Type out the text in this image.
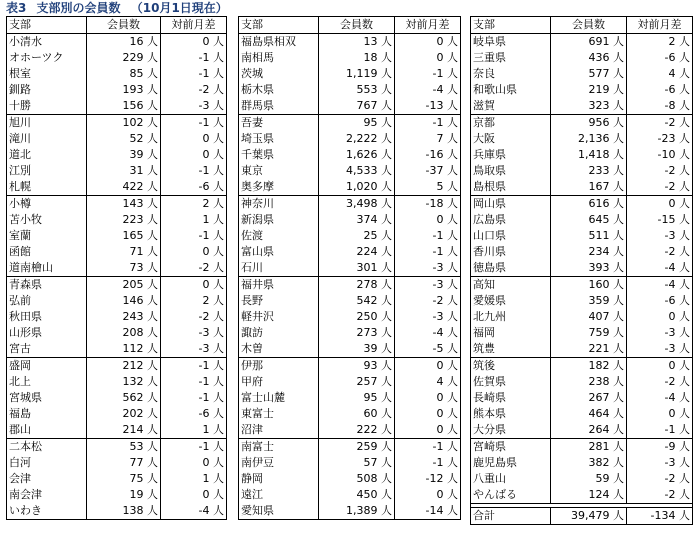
表3 支部別の会員数 （10月1日現在）
支部	会員数	対前月差
小清水	16 人	0 人
オホーツク	229 人	-1 人
根室	85 人	-1 人
釧路	193 人	-2 人
十勝	156 人	-3 人
旭川	102 人	-1 人
滝川	52 人	0 人
道北	39 人	0 人
江別	31 人	-1 人
札幌	422 人	-6 人
小樽	143 人	2 人
苫小牧	223 人	1 人
室蘭	165 人	-1 人
函館	71 人	0 人
道南檜山	73 人	-2 人
青森県	205 人	0 人
弘前	146 人	2 人
秋田県	243 人	-2 人
山形県	208 人	-3 人
宮古	112 人	-3 人
盛岡	212 人	-1 人
北上	132 人	-1 人
宮城県	562 人	-1 人
福島	202 人	-6 人
郡山	214 人	1 人
二本松	53 人	-1 人
白河	77 人	0 人
会津	75 人	1 人
南会津	19 人	0 人
いわき	138 人	-4 人
支部	会員数	対前月差
福島県相双	13 人	0 人
南相馬	18 人	0 人
茨城	1,119 人	-1 人
栃木県	553 人	-4 人
群馬県	767 人	-13 人
吾妻	95 人	-1 人
埼玉県	2,222 人	7 人
千葉県	1,626 人	-16 人
東京	4,533 人	-37 人
奥多摩	1,020 人	5 人
神奈川	3,498 人	-18 人
新潟県	374 人	0 人
佐渡	25 人	-1 人
富山県	224 人	-1 人
石川	301 人	-3 人
福井県	278 人	-3 人
長野	542 人	-2 人
軽井沢	250 人	-3 人
諏訪	273 人	-4 人
木曽	39 人	-5 人
伊那	93 人	0 人
甲府	257 人	4 人
富士山麓	95 人	0 人
東富士	60 人	0 人
沼津	222 人	0 人
南富士	259 人	-1 人
南伊豆	57 人	-1 人
静岡	508 人	-12 人
遠江	450 人	0 人
愛知県	1,389 人	-14 人
支部	会員数	対前月差
岐阜県	691 人	2 人
三重県	436 人	-6 人
奈良	577 人	4 人
和歌山県	219 人	-6 人
滋賀	323 人	-8 人
京都	956 人	-2 人
大阪	2,136 人	-23 人
兵庫県	1,418 人	-10 人
鳥取県	233 人	-2 人
島根県	167 人	-2 人
岡山県	616 人	0 人
広島県	645 人	-15 人
山口県	511 人	-3 人
香川県	234 人	-2 人
徳島県	393 人	-4 人
高知	160 人	-4 人
愛媛県	359 人	-6 人
北九州	407 人	0 人
福岡	759 人	-3 人
筑豊	221 人	-3 人
筑後	182 人	0 人
佐賀県	238 人	-2 人
長崎県	267 人	-4 人
熊本県	464 人	0 人
大分県	264 人	-1 人
宮崎県	281 人	-9 人
鹿児島県	382 人	-3 人
八重山	59 人	-2 人
やんばる	124 人	-2 人

合計	39,479 人	-134 人
